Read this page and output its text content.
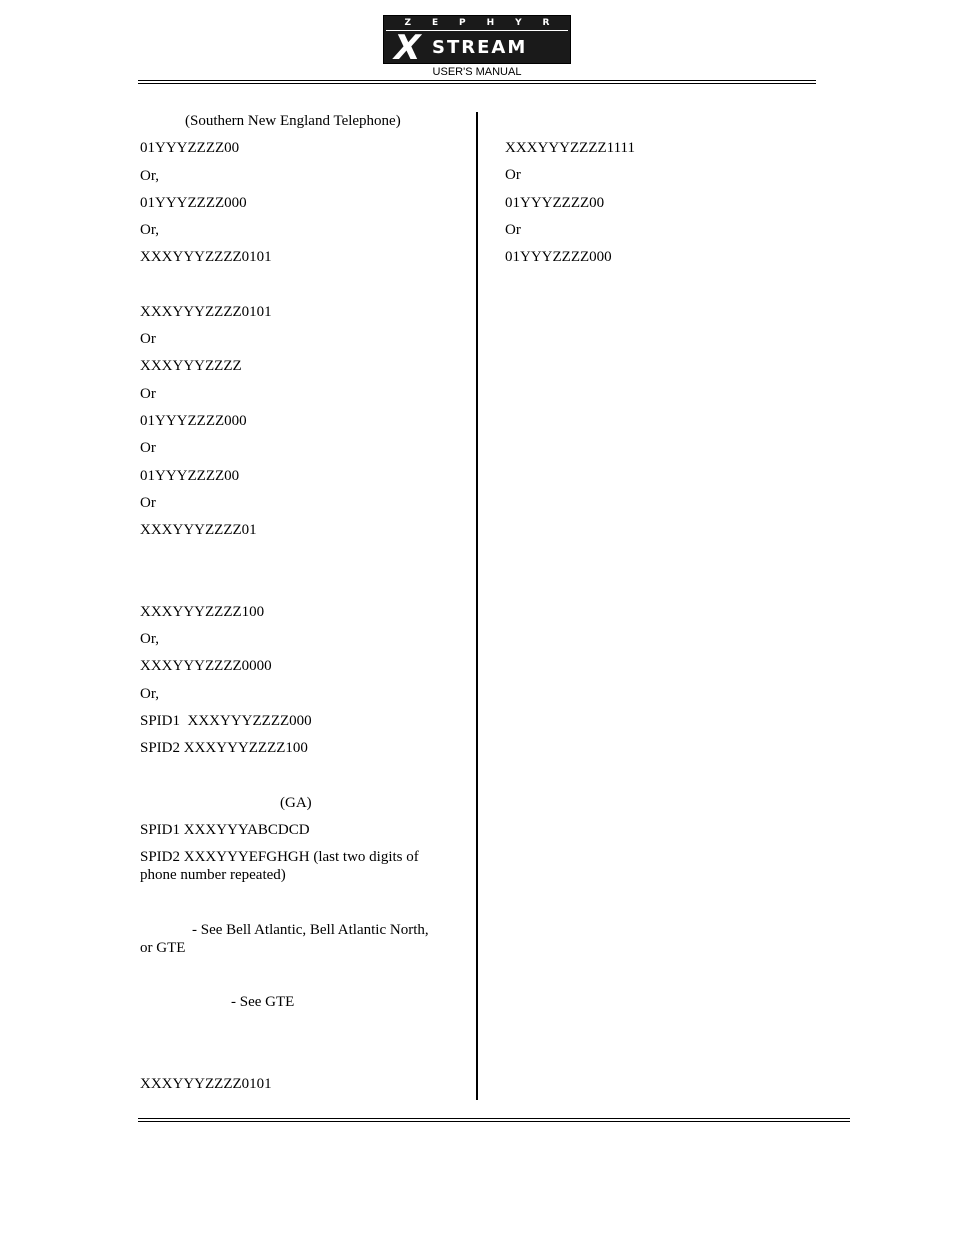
Z E P H Y R
X STREAM
USER'S MANUAL
(Southern New England Telephone)
01YYYZZZZ00
Or,
01YYYZZZZ000
Or,
XXXYYYZZZZ0101
XXXYYYZZZZ0101
Or
XXXYYYZZZZ
Or
01YYYZZZZ000
Or
01YYYZZZZ00
Or
XXXYYYZZZZ01
XXXYYYZZZZ100
Or,
XXXYYYZZZZ0000
Or,
SPID1  XXXYYYZZZZ000
SPID2 XXXYYYZZZZ100
(GA)
SPID1 XXXYYYABCDCD
SPID2 XXXYYYEFGHGH (last two digits of phone number repeated)
- See Bell Atlantic, Bell Atlantic North,
or GTE
- See GTE
XXXYYYZZZZ0101
XXXYYYZZZZ1111
Or
01YYYZZZZ00
Or
01YYYZZZZ000
